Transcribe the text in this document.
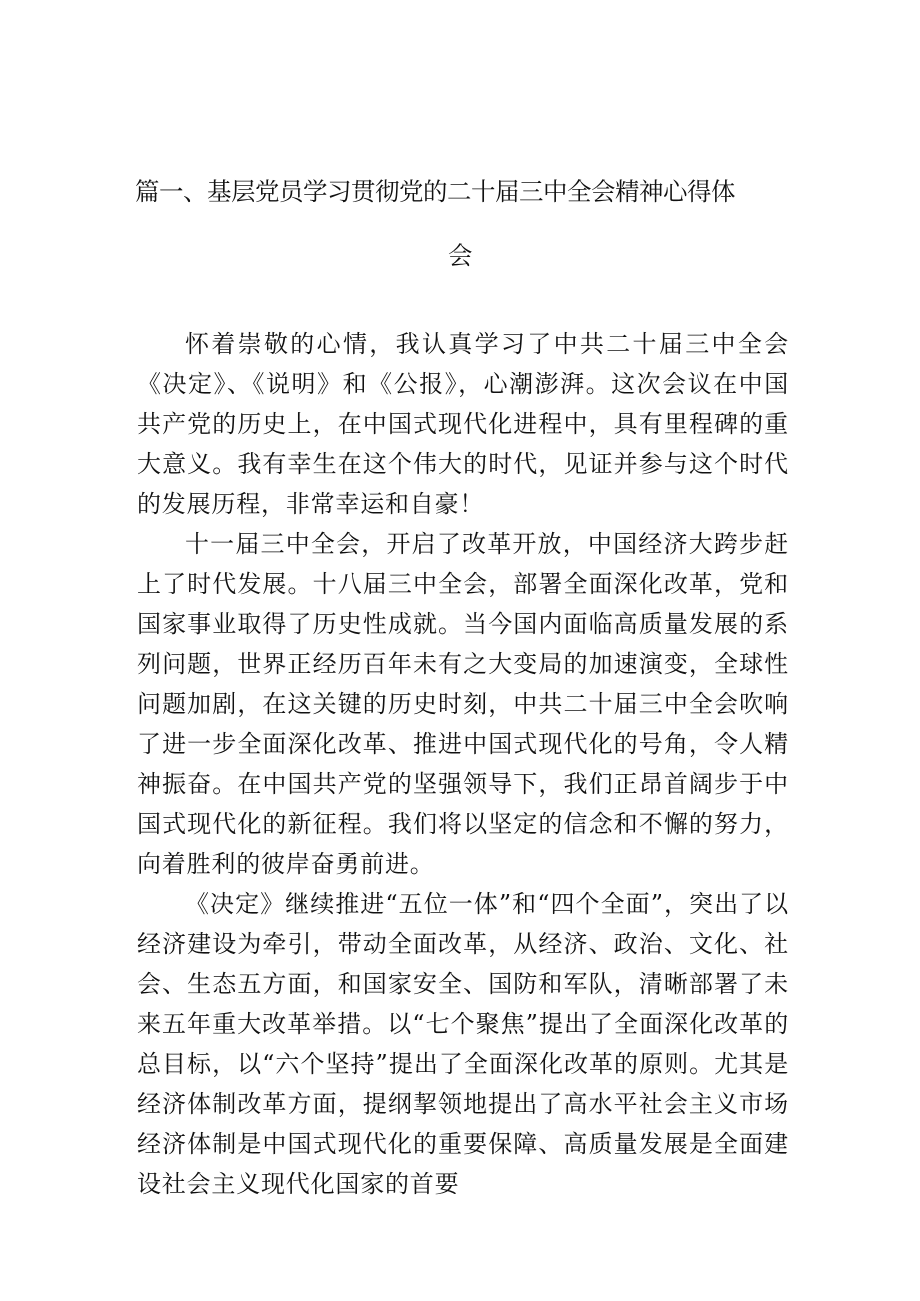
篇一、基层党员学习贯彻党的二十届三中全会精神心得体
会

怀着崇敬的心情，我认真学习了中共二十届三中全会《决定》、《说明》和《公报》，心潮澎湃。这次会议在中国共产党的历史上，在中国式现代化进程中，具有里程碑的重大意义。我有幸生在这个伟大的时代，见证并参与这个时代的发展历程，非常幸运和自豪！

十一届三中全会，开启了改革开放，中国经济大跨步赶上了时代发展。十八届三中全会，部署全面深化改革，党和国家事业取得了历史性成就。当今国内面临高质量发展的系列问题，世界正经历百年未有之大变局的加速演变，全球性问题加剧，在这关键的历史时刻，中共二十届三中全会吹响了进一步全面深化改革、推进中国式现代化的号角，令人精神振奋。在中国共产党的坚强领导下，我们正昂首阔步于中国式现代化的新征程。我们将以坚定的信念和不懈的努力，向着胜利的彼岸奋勇前进。

《决定》继续推进“五位一体”和“四个全面”，突出了以经济建设为牵引，带动全面改革，从经济、政治、文化、社会、生态五方面，和国家安全、国防和军队，清晰部署了未来五年重大改革举措。以“七个聚焦”提出了全面深化改革的总目标，以“六个坚持”提出了全面深化改革的原则。尤其是经济体制改革方面，提纲挈领地提出了高水平社会主义市场经济体制是中国式现代化的重要保障、高质量发展是全面建设社会主义现代化国家的首要
